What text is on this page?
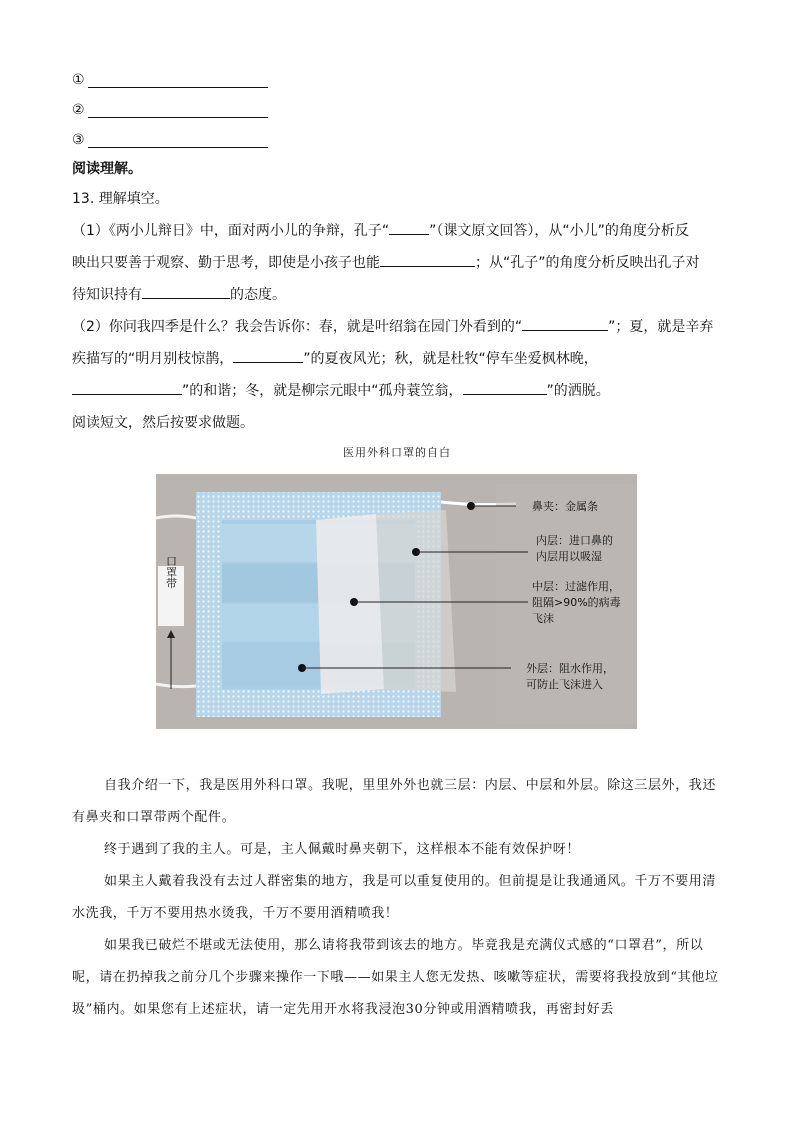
①
②
③
阅读理解。
13. 理解填空。
（1）《两小儿辩日》中，面对两小儿的争辩，孔子“	”（课文原文回答），从“小儿”的角度分析反
映出只要善于观察、勤于思考，即使是小孩子也能	；从“孔子”的角度分析反映出孔子对
待知识持有	的态度。
（2）你问我四季是什么？我会告诉你：春，就是叶绍翁在园门外看到的“	”；夏，就是辛弃
疾描写的“明月别枝惊鹊，	”的夏夜风光；秋，就是杜牧“停车坐爱枫林晚，
”的和谐；冬，就是柳宗元眼中“孤舟蓑笠翁，	”的洒脱。
阅读短文，然后按要求做题。
医用外科口罩的自白
鼻夹：金属条
内层：进口鼻的
内层用以吸湿
中层：过滤作用，
阻隔>90%的病毒
飞沫
外层：阻水作用，
可防止飞沫进入
口罩带

自我介绍一下，我是医用外科口罩。我呢，里里外外也就三层：内层、中层和外层。除这三层外，我还有鼻夹和口罩带两个配件。

终于遇到了我的主人。可是，主人佩戴时鼻夹朝下，这样根本不能有效保护呀！

如果主人戴着我没有去过人群密集的地方，我是可以重复使用的。但前提是让我通通风。千万不要用清水洗我，千万不要用热水烫我，千万不要用酒精喷我！

如果我已破烂不堪或无法使用，那么请将我带到该去的地方。毕竟我是充满仪式感的“口罩君”，所以呢，请在扔掉我之前分几个步骤来操作一下哦——如果主人您无发热、咳嗽等症状，需要将我投放到“其他垃圾”桶内。如果您有上述症状，请一定先用开水将我浸泡30分钟或用酒精喷我，再密封好丢
